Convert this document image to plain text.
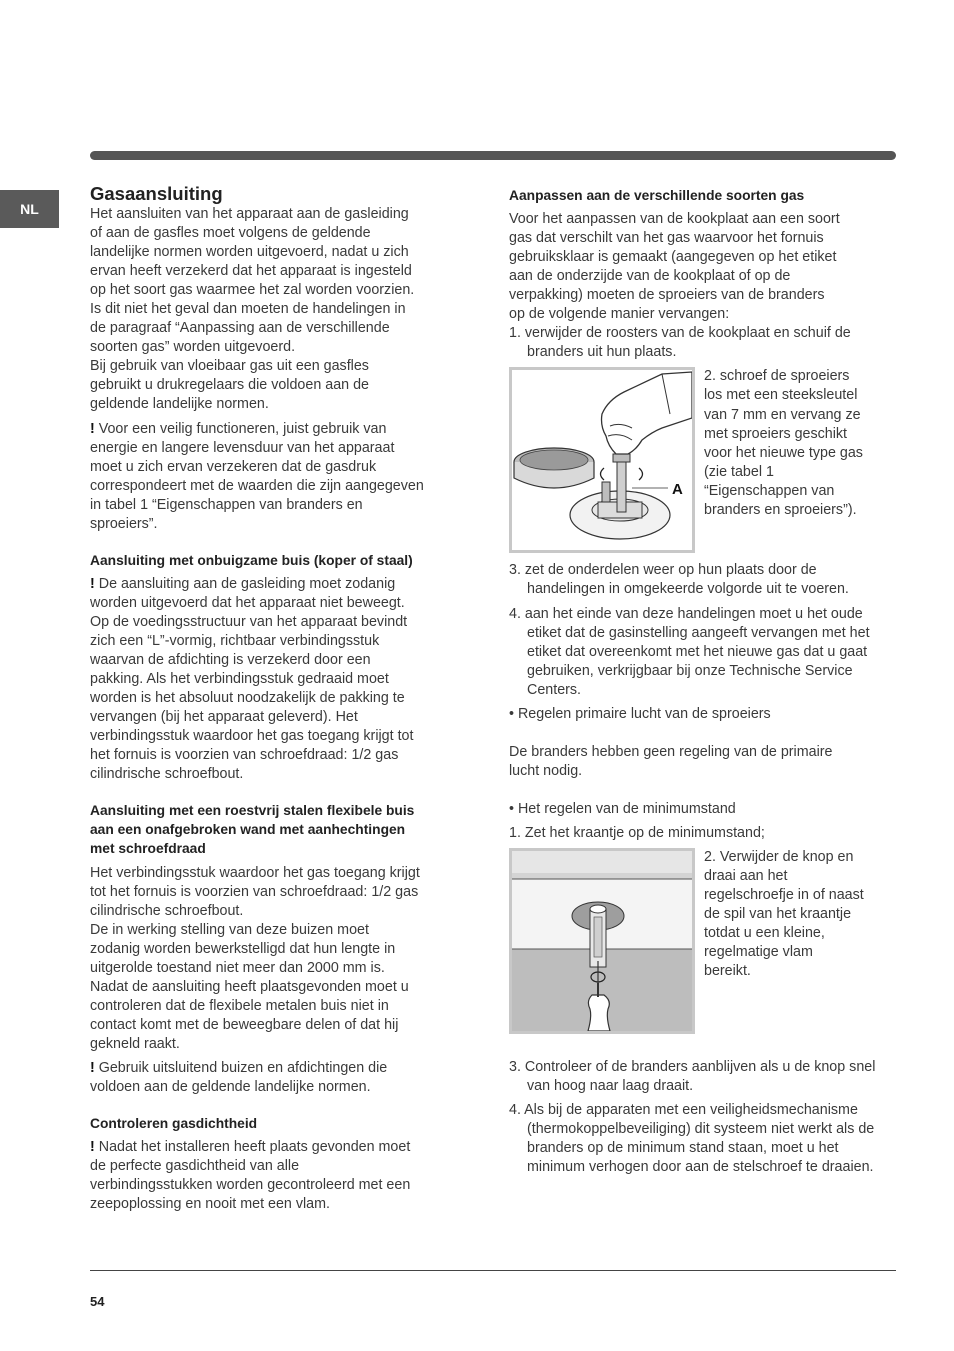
NL

Gasaansluiting

Het aansluiten van het apparaat aan de gasleiding

of aan de gasfles moet volgens de geldende

landelijke normen worden uitgevoerd, nadat u zich

ervan heeft verzekerd dat het apparaat is ingesteld

op het soort gas waarmee het zal worden voorzien.

Is dit niet het geval dan moeten de handelingen in

de paragraaf “Aanpassing aan de verschillende

soorten gas” worden uitgevoerd.

Bij gebruik van vloeibaar gas uit een gasfles

gebruikt u drukregelaars die voldoen aan de

geldende landelijke normen.

! Voor een veilig functioneren, juist gebruik van

energie en langere levensduur van het apparaat

moet u zich ervan verzekeren dat de gasdruk

correspondeert met de waarden die zijn aangegeven

in tabel 1 “Eigenschappen van branders en

sproeiers”.

Aansluiting met onbuigzame buis (koper of staal)

! De aansluiting aan de gasleiding moet zodanig

worden uitgevoerd dat het apparaat niet beweegt.

Op de voedingsstructuur van het apparaat bevindt

zich een “L”-vormig, richtbaar verbindingsstuk

waarvan de afdichting is verzekerd door een

pakking. Als het verbindingsstuk gedraaid moet

worden is het absoluut noodzakelijk de pakking te

vervangen (bij het apparaat geleverd). Het

verbindingsstuk waardoor het gas toegang krijgt tot

het fornuis is voorzien van schroefdraad: 1/2 gas

cilindrische schroefbout.

Aansluiting met een roestvrij stalen flexibele buis

aan een onafgebroken wand met aanhechtingen

met schroefdraad

Het verbindingsstuk waardoor het gas toegang krijgt

tot het fornuis is voorzien van schroefdraad: 1/2 gas

cilindrische schroefbout.

De in werking stelling van deze buizen moet

zodanig worden bewerkstelligd dat hun lengte in

uitgerolde toestand niet meer dan 2000 mm is.

Nadat de aansluiting heeft plaatsgevonden moet u

controleren dat de flexibele metalen buis niet in

contact komt met de beweegbare delen of dat hij

gekneld raakt.

! Gebruik uitsluitend buizen en afdichtingen die

voldoen aan de geldende landelijke normen.

Controleren gasdichtheid

! Nadat het installeren heeft plaats gevonden moet

de perfecte gasdichtheid van alle

verbindingsstukken worden gecontroleerd met een

zeepoplossing en nooit met een vlam.

Aanpassen aan de verschillende soorten gas

Voor het aanpassen van de kookplaat aan een soort

gas dat verschilt van het gas waarvoor het fornuis

gebruiksklaar is gemaakt (aangegeven op het etiket

aan de onderzijde van de kookplaat of op de

verpakking) moeten de sproeiers van de branders

op de volgende manier vervangen:

1. verwijder de roosters van de kookplaat en schuif de branders uit hun plaats.

A

2. schroef de sproeiers

los met een steeksleutel

van 7 mm en vervang ze

met sproeiers geschikt

voor het nieuwe type gas

(zie tabel 1

“Eigenschappen van

branders en sproeiers”).

3. zet de onderdelen weer op hun plaats door de handelingen in omgekeerde volgorde uit te voeren.

4. aan het einde van deze handelingen moet u het oude etiket dat de gasinstelling aangeeft vervangen met het etiket dat overeenkomt met het nieuwe gas dat u gaat gebruiken, verkrijgbaar bij onze Technische Service Centers.

• Regelen primaire lucht van de sproeiers

De branders hebben geen regeling van de primaire

lucht nodig.

• Het regelen van de minimumstand

1. Zet het kraantje op de minimumstand;

2. Verwijder de knop en

draai aan het

regelschroefje in of naast

de spil van het kraantje

totdat u een kleine,

regelmatige vlam

bereikt.

3. Controleer of de branders aanblijven als u de knop snel van hoog naar laag draait.

4. Als bij de apparaten met een veiligheidsmechanisme (thermokoppelbeveiliging) dit systeem niet werkt als de branders op de minimum stand staan, moet u het minimum verhogen door aan de stelschroef te draaien.

54
